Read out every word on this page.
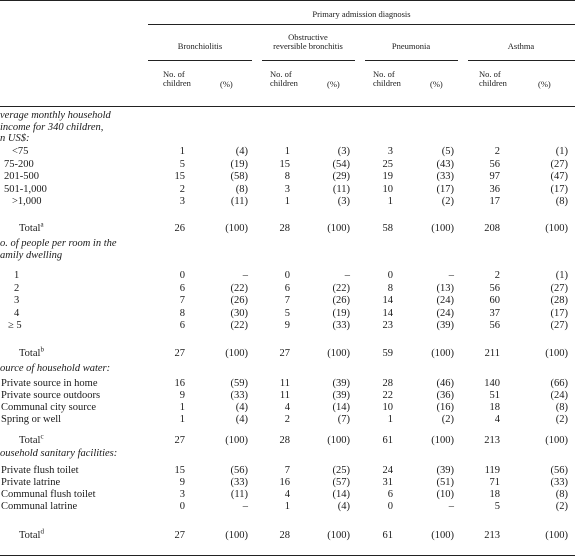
Primary admission diagnosis
Bronchiolitis
Obstructive
reversible bronchitis	Pneumonia	Asthma
No. of
children	(%)
No. of
children	(%)
No. of
children	(%)
No. of
children	(%)
verage monthly household
income for 340 children,
n US$:
<75	1	(4)	1	(3)	3	(5)	2	(1)
75-200	5	(19)	15	(54)	25	(43)	56	(27)
201-500	15	(58)	8	(29)	19	(33)	97	(47)
501-1,000	2	(8)	3	(11)	10	(17)	36	(17)
>1,000	3	(11)	1	(3)	1	(2)	17	(8)
Total$^a$	26	(100)	28	(100)	58	(100)	208	(100)
o. of people per room in the
amily dwelling
1	0	–	0	–	0	–	2	(1)
2	6	(22)	6	(22)	8	(13)	56	(27)
3	7	(26)	7	(26)	14	(24)	60	(28)
4	8	(30)	5	(19)	14	(24)	37	(17)
≥ 5	6	(22)	9	(33)	23	(39)	56	(27)
Total$^b$	27	(100)	27	(100)	59	(100)	211	(100)
ource of household water:
Private source in home	16	(59)	11	(39)	28	(46)	140	(66)
Private source outdoors	9	(33)	11	(39)	22	(36)	51	(24)
Communal city source	1	(4)	4	(14)	10	(16)	18	(8)
Spring or well	1	(4)	2	(7)	1	(2)	4	(2)
Total$^c$	27	(100)	28	(100)	61	(100)	213	(100)
ousehold sanitary facilities:
Private flush toilet	15	(56)	7	(25)	24	(39)	119	(56)
Private latrine	9	(33)	16	(57)	31	(51)	71	(33)
Communal flush toilet	3	(11)	4	(14)	6	(10)	18	(8)
Communal latrine	0	–	1	(4)	0	–	5	(2)
Total$^d$	27	(100)	28	(100)	61	(100)	213	(100)
